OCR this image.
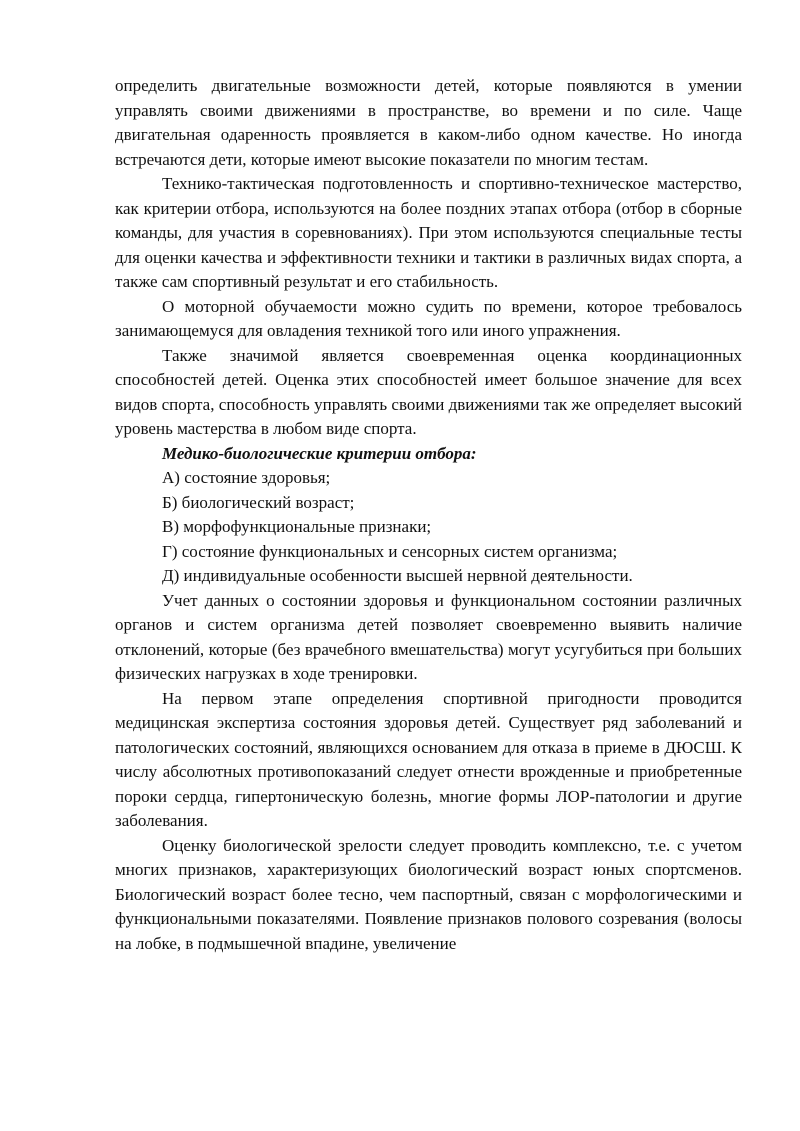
определить двигательные возможности детей, которые появляются в умении управлять своими движениями в пространстве, во времени и по силе. Чаще двигательная одаренность проявляется в каком-либо одном качестве. Но иногда встречаются дети, которые имеют высокие показатели по многим тестам.

Технико-тактическая подготовленность и спортивно-техническое мастерство, как критерии отбора, используются на более поздних этапах отбора (отбор в сборные команды, для участия в соревнованиях). При этом используются специальные тесты для оценки качества и эффективности техники и тактики в различных видах спорта, а также сам спортивный результат и его стабильность.

О моторной обучаемости можно судить по времени, которое требовалось занимающемуся для овладения техникой того или иного упражнения.

Также значимой является своевременная оценка координационных способностей детей. Оценка этих способностей имеет большое значение для всех видов спорта, способность управлять своими движениями так же определяет высокий уровень мастерства в любом виде спорта.

Медико-биологические критерии отбора:

А) состояние здоровья;

Б) биологический возраст;

В) морфофункциональные признаки;

Г) состояние функциональных и сенсорных систем организма;

Д) индивидуальные особенности высшей нервной деятельности.

Учет данных о состоянии здоровья и функциональном состоянии различных органов и систем организма детей позволяет своевременно выявить наличие отклонений, которые (без врачебного вмешательства) могут усугубиться при больших физических нагрузках в ходе тренировки.

На первом этапе определения спортивной пригодности проводится медицинская экспертиза состояния здоровья детей. Существует ряд заболеваний и патологических состояний, являющихся основанием для отказа в приеме в ДЮСШ. К числу абсолютных противопоказаний следует отнести врожденные и приобретенные пороки сердца, гипертоническую болезнь, многие формы ЛОР-патологии и другие заболевания.

Оценку биологической зрелости следует проводить комплексно, т.е. с учетом многих признаков, характеризующих биологический возраст юных спортсменов. Биологический возраст более тесно, чем паспортный, связан с морфологическими и функциональными показателями. Появление признаков полового созревания (волосы на лобке, в подмышечной впадине, увеличение
